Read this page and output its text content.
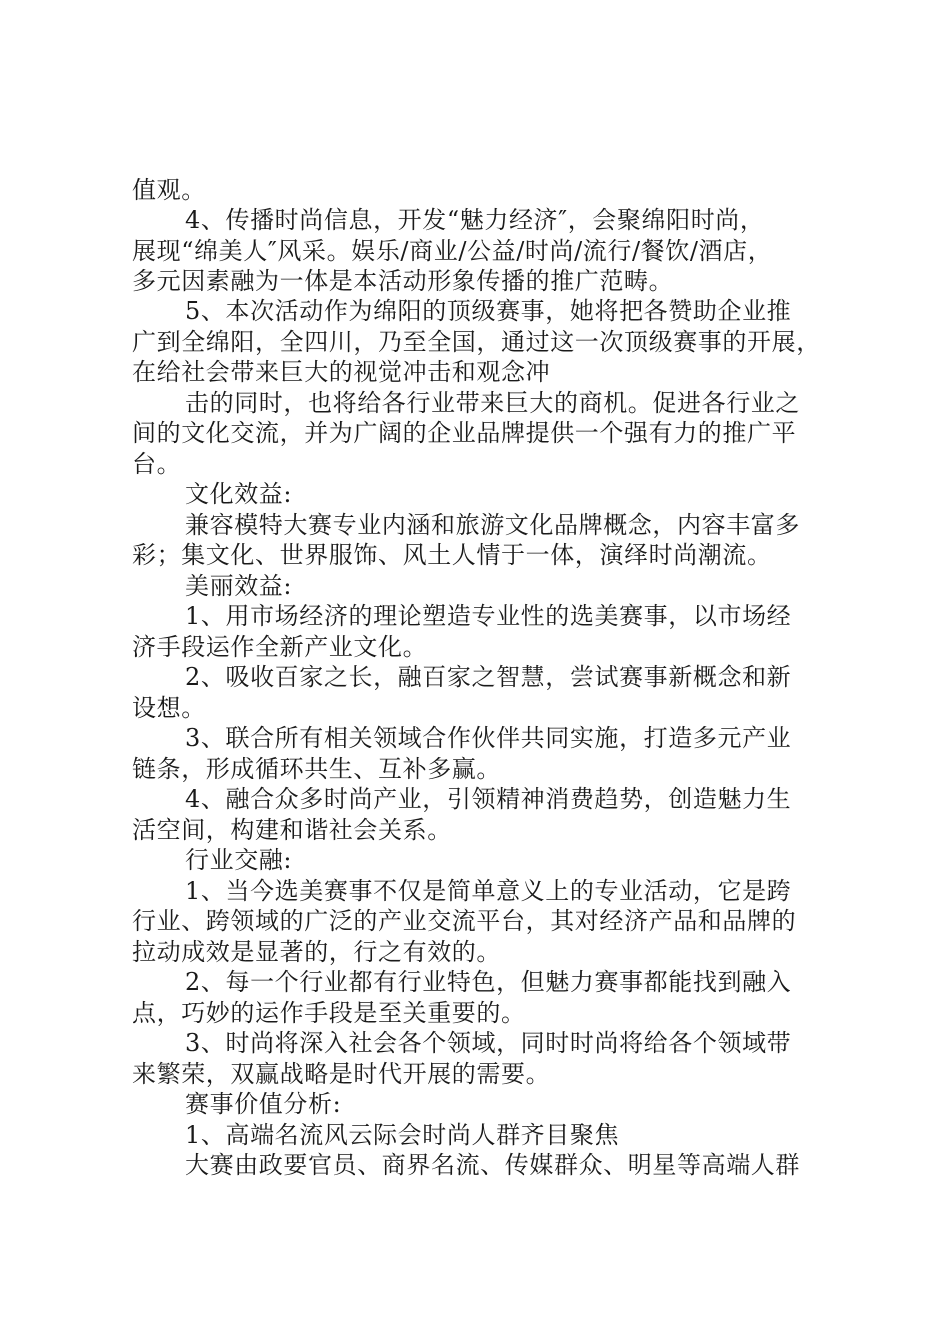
值观。
4、传播时尚信息，开发“魅力经济″，会聚绵阳时尚，
展现“绵美人″风采。娱乐/商业/公益/时尚/流行/餐饮/酒店，
多元因素融为一体是本活动形象传播的推广范畴。
5、本次活动作为绵阳的顶级赛事，她将把各赞助企业推
广到全绵阳，全四川，乃至全国，通过这一次顶级赛事的开展，
在给社会带来巨大的视觉冲击和观念冲
击的同时，也将给各行业带来巨大的商机。促进各行业之
间的文化交流，并为广阔的企业品牌提供一个强有力的推广平
台。
文化效益:
兼容模特大赛专业内涵和旅游文化品牌概念，内容丰富多
彩；集文化、世界服饰、风土人情于一体，演绎时尚潮流。
美丽效益:
1、用市场经济的理论塑造专业性的选美赛事，以市场经
济手段运作全新产业文化。
2、吸收百家之长，融百家之智慧，尝试赛事新概念和新
设想。
3、联合所有相关领域合作伙伴共同实施，打造多元产业
链条，形成循环共生、互补多赢。
4、融合众多时尚产业，引领精神消费趋势，创造魅力生
活空间，构建和谐社会关系。
行业交融:
1、当今选美赛事不仅是简单意义上的专业活动，它是跨
行业、跨领域的广泛的产业交流平台，其对经济产品和品牌的
拉动成效是显著的，行之有效的。
2、每一个行业都有行业特色，但魅力赛事都能找到融入
点，巧妙的运作手段是至关重要的。
3、时尚将深入社会各个领域，同时时尚将给各个领域带
来繁荣，双赢战略是时代开展的需要。
赛事价值分析:
1、高端名流风云际会时尚人群齐目聚焦
大赛由政要官员、商界名流、传媒群众、明星等高端人群
